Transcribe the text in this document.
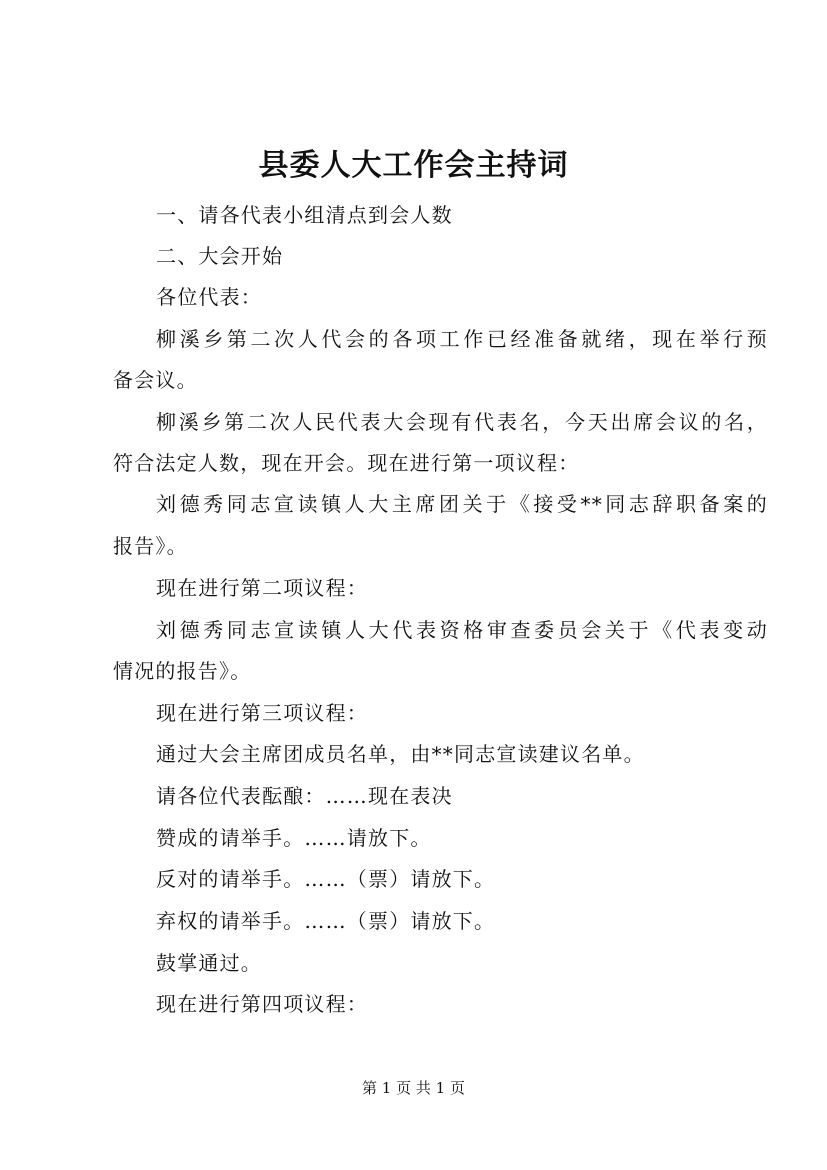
县委人大工作会主持词
一、请各代表小组清点到会人数
二、大会开始
各位代表：
柳溪乡第二次人代会的各项工作已经准备就绪，现在举行预
备会议。
柳溪乡第二次人民代表大会现有代表名，今天出席会议的名，
符合法定人数，现在开会。现在进行第一项议程：
刘德秀同志宣读镇人大主席团关于《接受**同志辞职备案的
报告》。
现在进行第二项议程：
刘德秀同志宣读镇人大代表资格审查委员会关于《代表变动
情况的报告》。
现在进行第三项议程：
通过大会主席团成员名单，由**同志宣读建议名单。
请各位代表酝酿：……现在表决
赞成的请举手。……请放下。
反对的请举手。……（票）请放下。
弃权的请举手。……（票）请放下。
鼓掌通过。
现在进行第四项议程：
第 1 页 共 1 页
